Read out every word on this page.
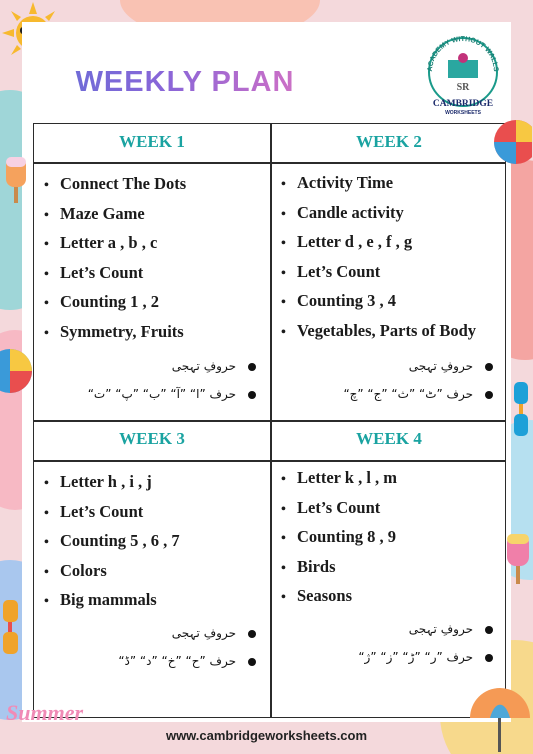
WEEKLY PLAN	ACADEMY WITHOUT WALLS
SR
CAMBRIDGE
WORKSHEETS
WEEK 1
• Connect The Dots
• Maze Game
• Letter a , b , c
• Let’s Count
• Counting 1 , 2
• Symmetry, Fruits
حروفِ تہجی
حرف ”ا“ ”آ“ ”ب“ ”پ“ ”ت“
WEEK 2
• Activity Time
• Candle activity
• Letter d , e , f , g
• Let’s Count
• Counting 3 , 4
• Vegetables, Parts of Body
حروفِ تہجی
حرف ”ٹ“ ”ث“ ”ج“ ”چ“
WEEK 3
• Letter h , i , j
• Let’s Count
• Counting 5 , 6 , 7
• Colors
• Big mammals
حروفِ تہجی
حرف ”ح“ ”خ“ ”د“ ”ڈ“
WEEK 4
• Letter k , l , m
• Let’s Count
• Counting 8 , 9
• Birds
• Seasons
حروفِ تہجی
حرف ”ر“ ”ڑ“ ”ز“ ”ژ“
Summer
www.cambridgeworksheets.com
